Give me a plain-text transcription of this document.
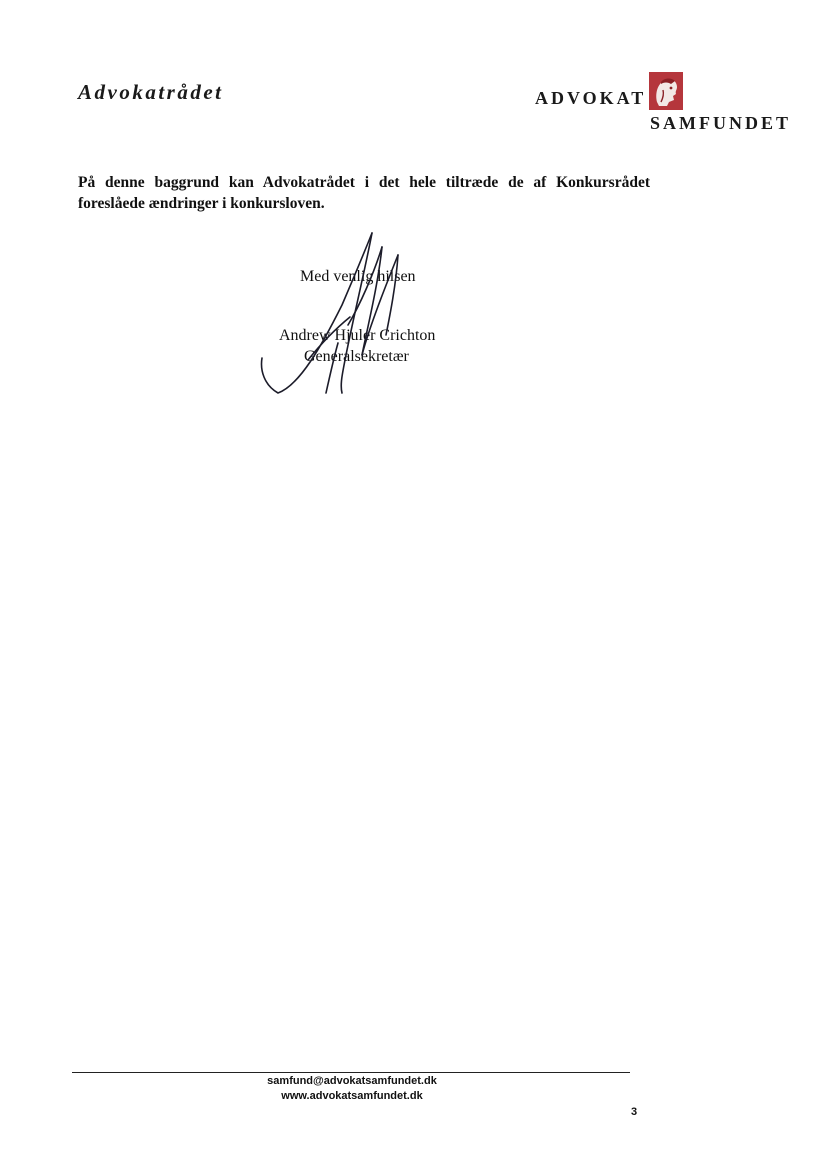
Advokatrådet	ADVOKAT
SAMFUNDET
På denne baggrund kan Advokatrådet i det hele tiltræde de af Konkursrådet foreslåede ændringer i konkursloven.
Med venlig hilsen
Andrew Hjuler Crichton
Generalsekretær
samfund@advokatsamfundet.dk
www.advokatsamfundet.dk
3
